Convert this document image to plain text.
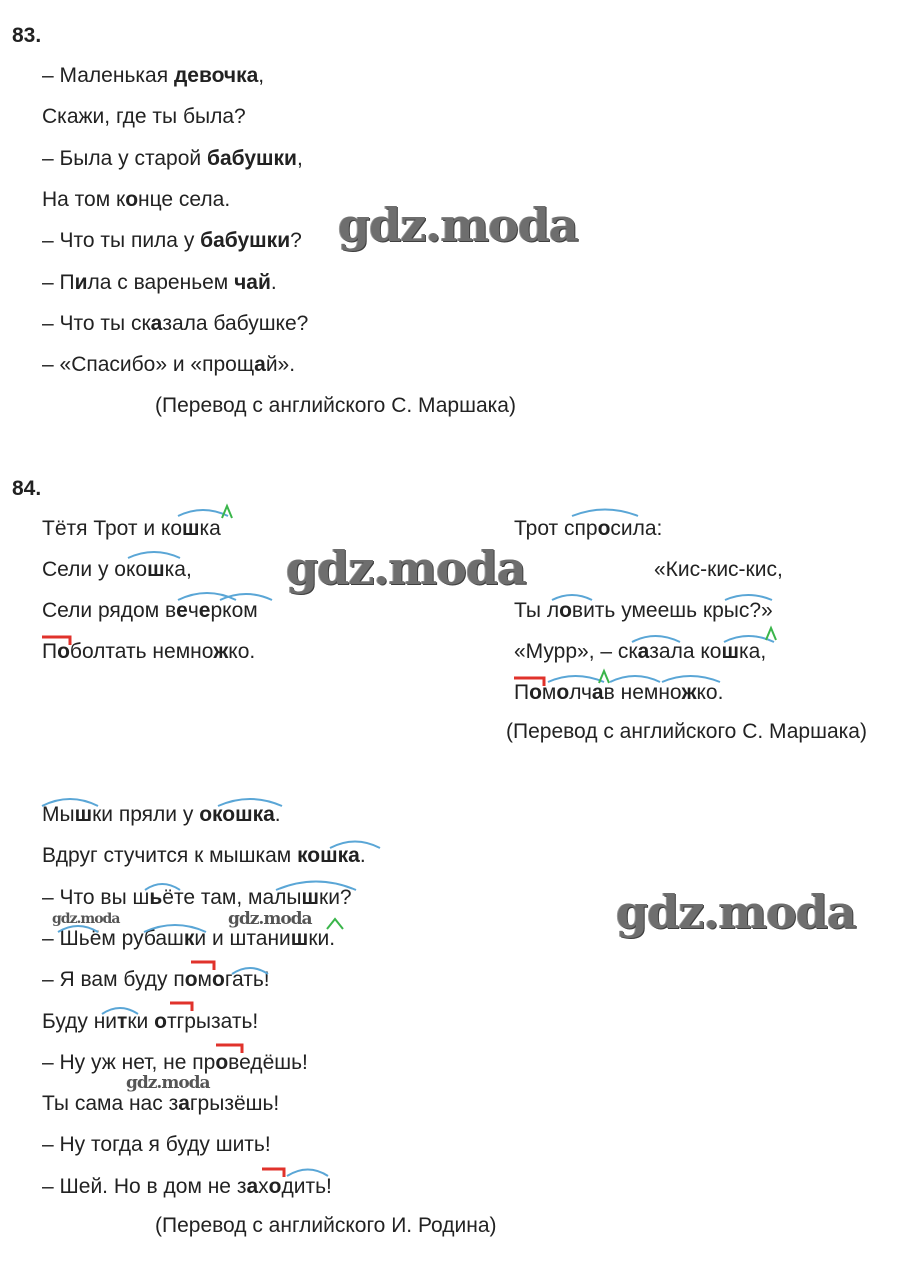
83.
– Маленькая девочка,
Скажи, где ты была?
– Была у старой бабушки,
На том конце села.
– Что ты пила у бабушки?
– Пила с вареньем чай.
– Что ты сказала бабушке?
– «Спасибо» и «прощай».
(Перевод с английского С. Маршака)
84.
Тётя Трот и кошка
Сели у окошка,
Сели рядом вечерком
Поболтать немножко.
Трот спросила:
«Кис-кис-кис,
Ты ловить умеешь крыс?»
«Мурр», – сказала кошка,
Помолчав немножко.
(Перевод с английского С. Маршака)
Мышки пряли у окошка.
Вдруг стучится к мышкам кошка.
– Что вы шьёте там, малышки?
– Шьём рубашки и штанишки.
– Я вам буду помогать!
Буду нитки отгрызать!
– Ну уж нет, не проведёшь!
Ты сама нас загрызёшь!
– Ну тогда я буду шить!
– Шей. Но в дом не заходить!
(Перевод с английского И. Родина)
gdz.moda
gdz.moda
gdz.moda
gdz.moda	gdz.moda
gdz.moda
